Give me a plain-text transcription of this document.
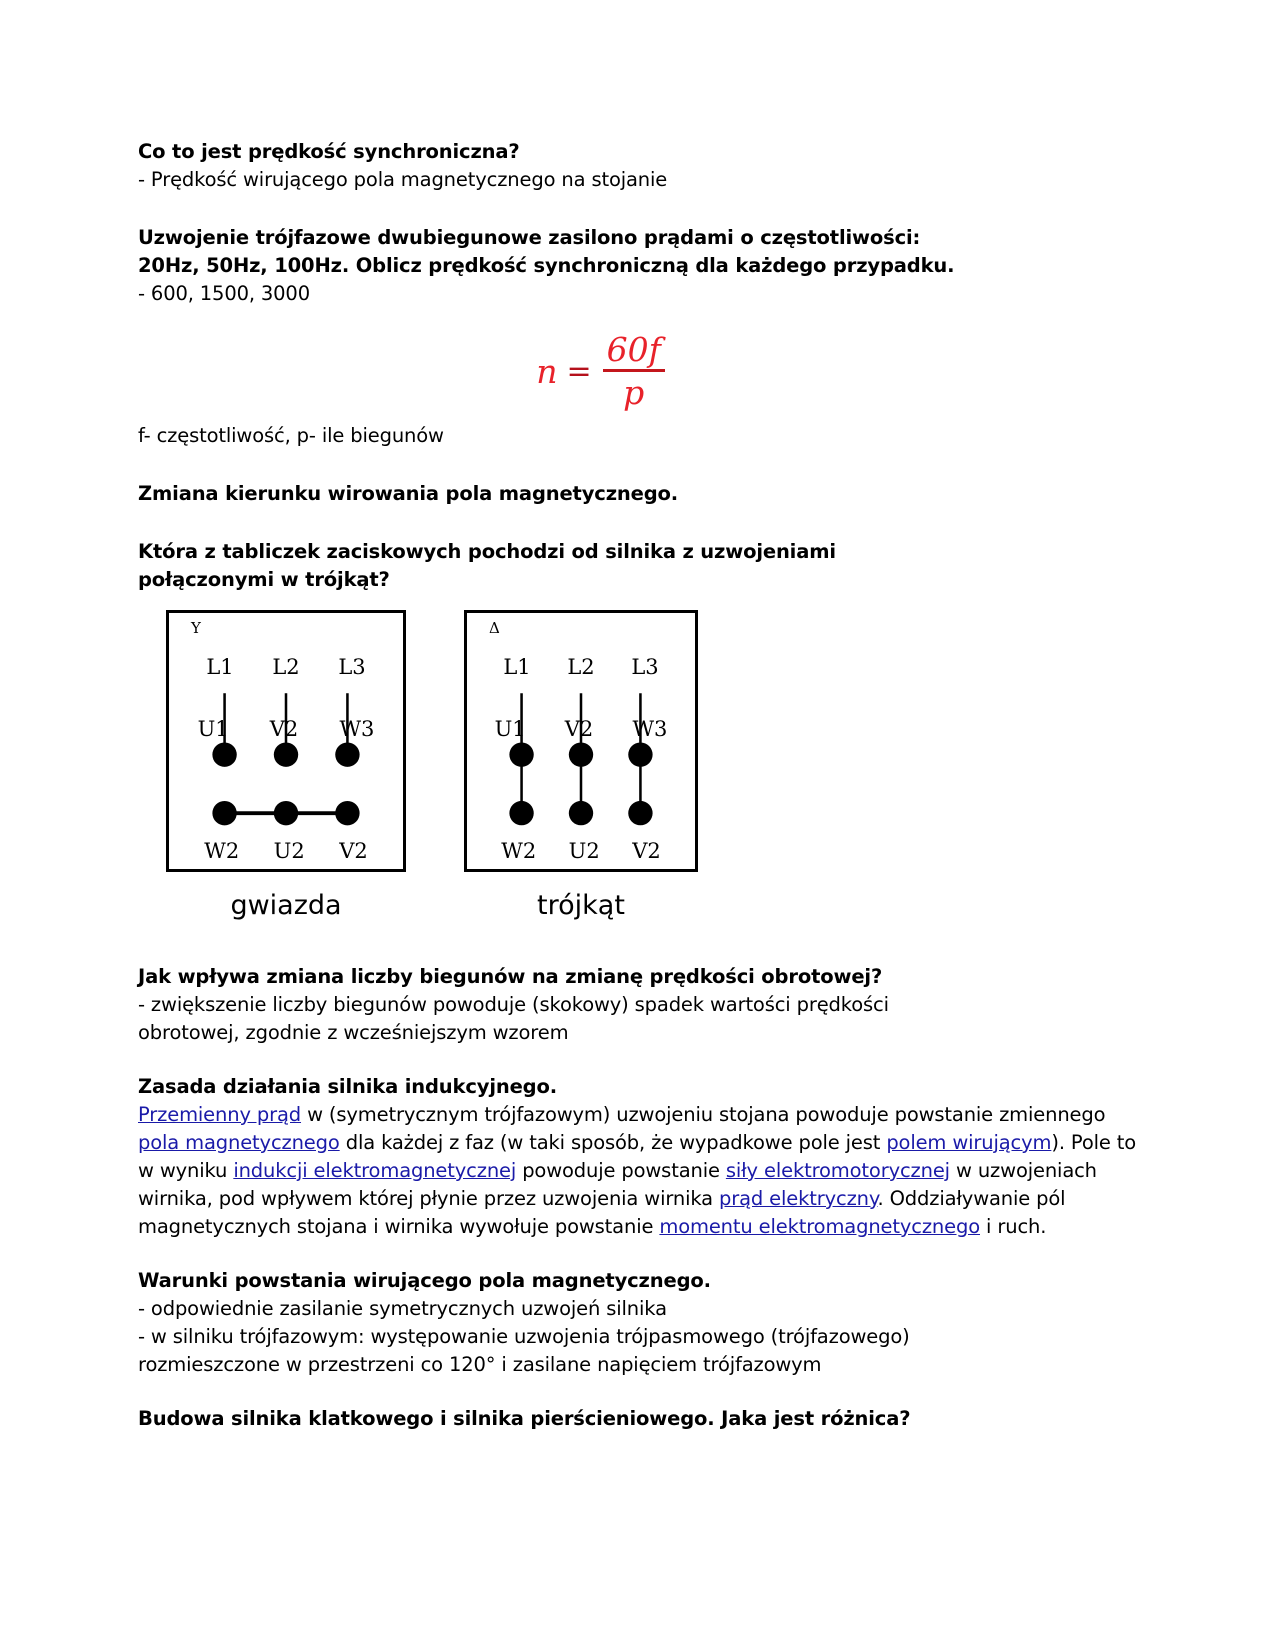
Co to jest prędkość synchroniczna?

- Prędkość wirującego pola magnetycznego na stojanie

Uzwojenie trójfazowe dwubiegunowe zasilono prądami o częstotliwości:

20Hz, 50Hz, 100Hz. Oblicz prędkość synchroniczną dla każdego przypadku.

- 600, 1500, 3000

$n = \frac{60f}{p}$

f- częstotliwość, p- ile biegunów

Zmiana kierunku wirowania pola magnetycznego.

Która z tabliczek zaciskowych pochodzi od silnika z uzwojeniami

połączonymi w trójkąt?

Y
L1 L2 L3
U1 V2 W3
W2 U2 V2
gwiazda
Δ
L1 L2 L3
U1 V2 W3
W2 U2 V2
trójkąt

Jak wpływa zmiana liczby biegunów na zmianę prędkości obrotowej?

- zwiększenie liczby biegunów powoduje (skokowy) spadek wartości prędkości

obrotowej, zgodnie z wcześniejszym wzorem

Zasada działania silnika indukcyjnego.

Przemienny prąd w (symetrycznym trójfazowym) uzwojeniu stojana powoduje powstanie zmiennego pola magnetycznego dla każdej z faz (w taki sposób, że wypadkowe pole jest polem wirującym). Pole to w wyniku indukcji elektromagnetycznej powoduje powstanie siły elektromotorycznej w uzwojeniach wirnika, pod wpływem której płynie przez uzwojenia wirnika prąd elektryczny. Oddziaływanie pól magnetycznych stojana i wirnika wywołuje powstanie momentu elektromagnetycznego i ruch.

Warunki powstania wirującego pola magnetycznego.

- odpowiednie zasilanie symetrycznych uzwojeń silnika

- w silniku trójfazowym: występowanie uzwojenia trójpasmowego (trójfazowego)

rozmieszczone w przestrzeni co 120° i zasilane napięciem trójfazowym

Budowa silnika klatkowego i silnika pierścieniowego. Jaka jest różnica?
